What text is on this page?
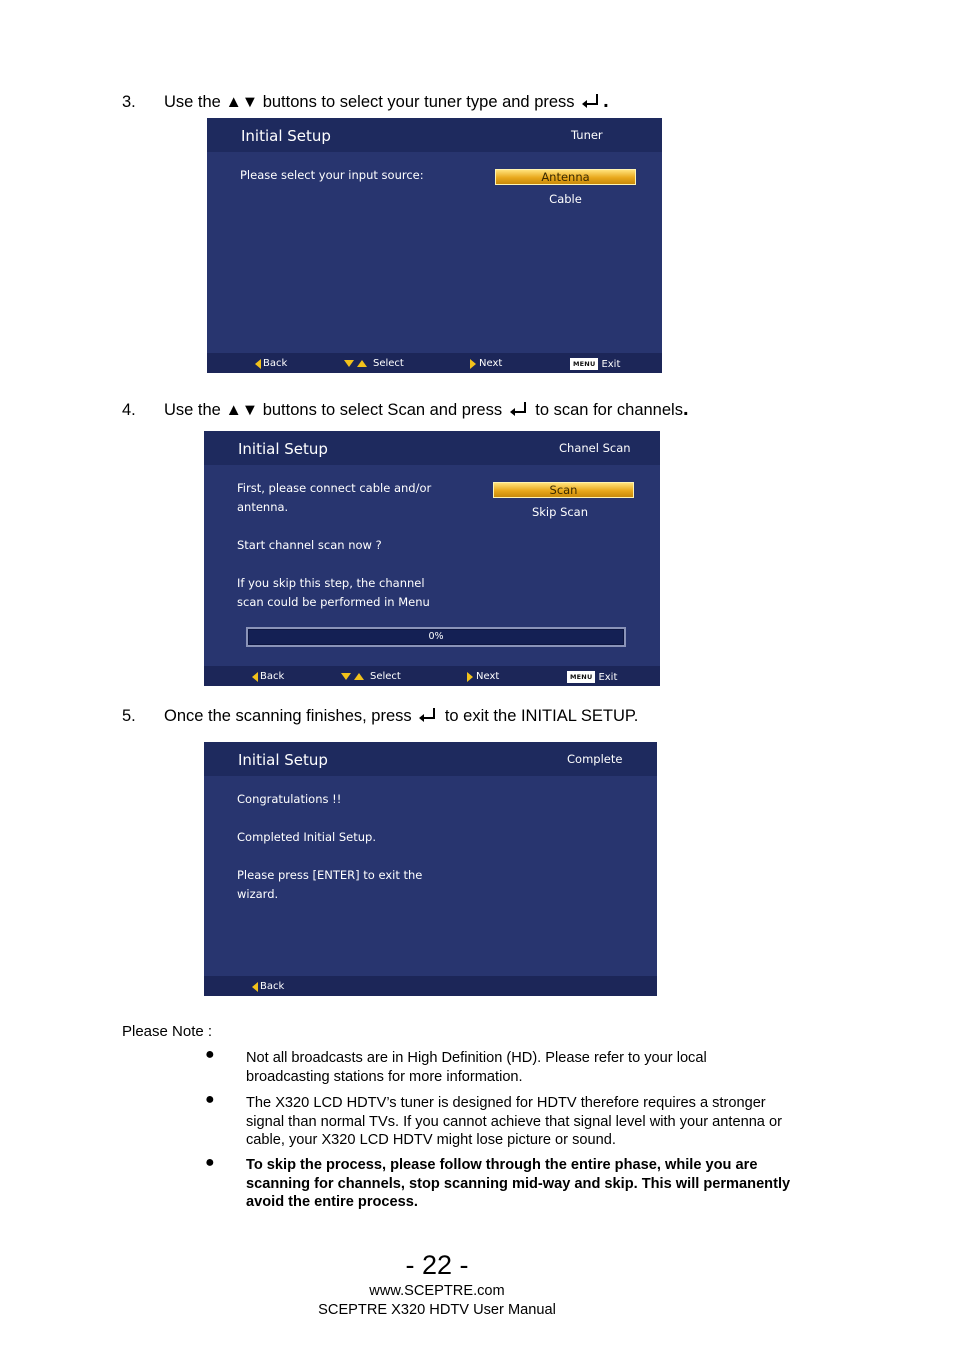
3. Use the ▲▼ buttons to select your tuner type and press .
Initial Setup	Tuner
Please select your input source:	Antenna
Cable
Back	Select	Next	MENU Exit
4. Use the ▲▼ buttons to select Scan and press to scan for channels.
Initial Setup	Chanel Scan
First, please connect cable and/or
antenna.
Start channel scan now ?
If you skip this step, the channel
scan could be performed in Menu
Scan
Skip Scan
0%
Back	Select	Next	MENU Exit
5. Once the scanning finishes, press to exit the INITIAL SETUP.
Initial Setup	Complete
Congratulations !!
Completed Initial Setup.
Please press [ENTER] to exit the
wizard.
Back
Please Note :
● Not all broadcasts are in High Definition (HD). Please refer to your local broadcasting stations for more information.
● The X320 LCD HDTV’s tuner is designed for HDTV therefore requires a stronger signal than normal TVs. If you cannot achieve that signal level with your antenna or cable, your X320 LCD HDTV might lose picture or sound.
● To skip the process, please follow through the entire phase, while you are scanning for channels, stop scanning mid-way and skip. This will permanently avoid the entire process.
- 22 -
www.SCEPTRE.com
SCEPTRE X320 HDTV User Manual
